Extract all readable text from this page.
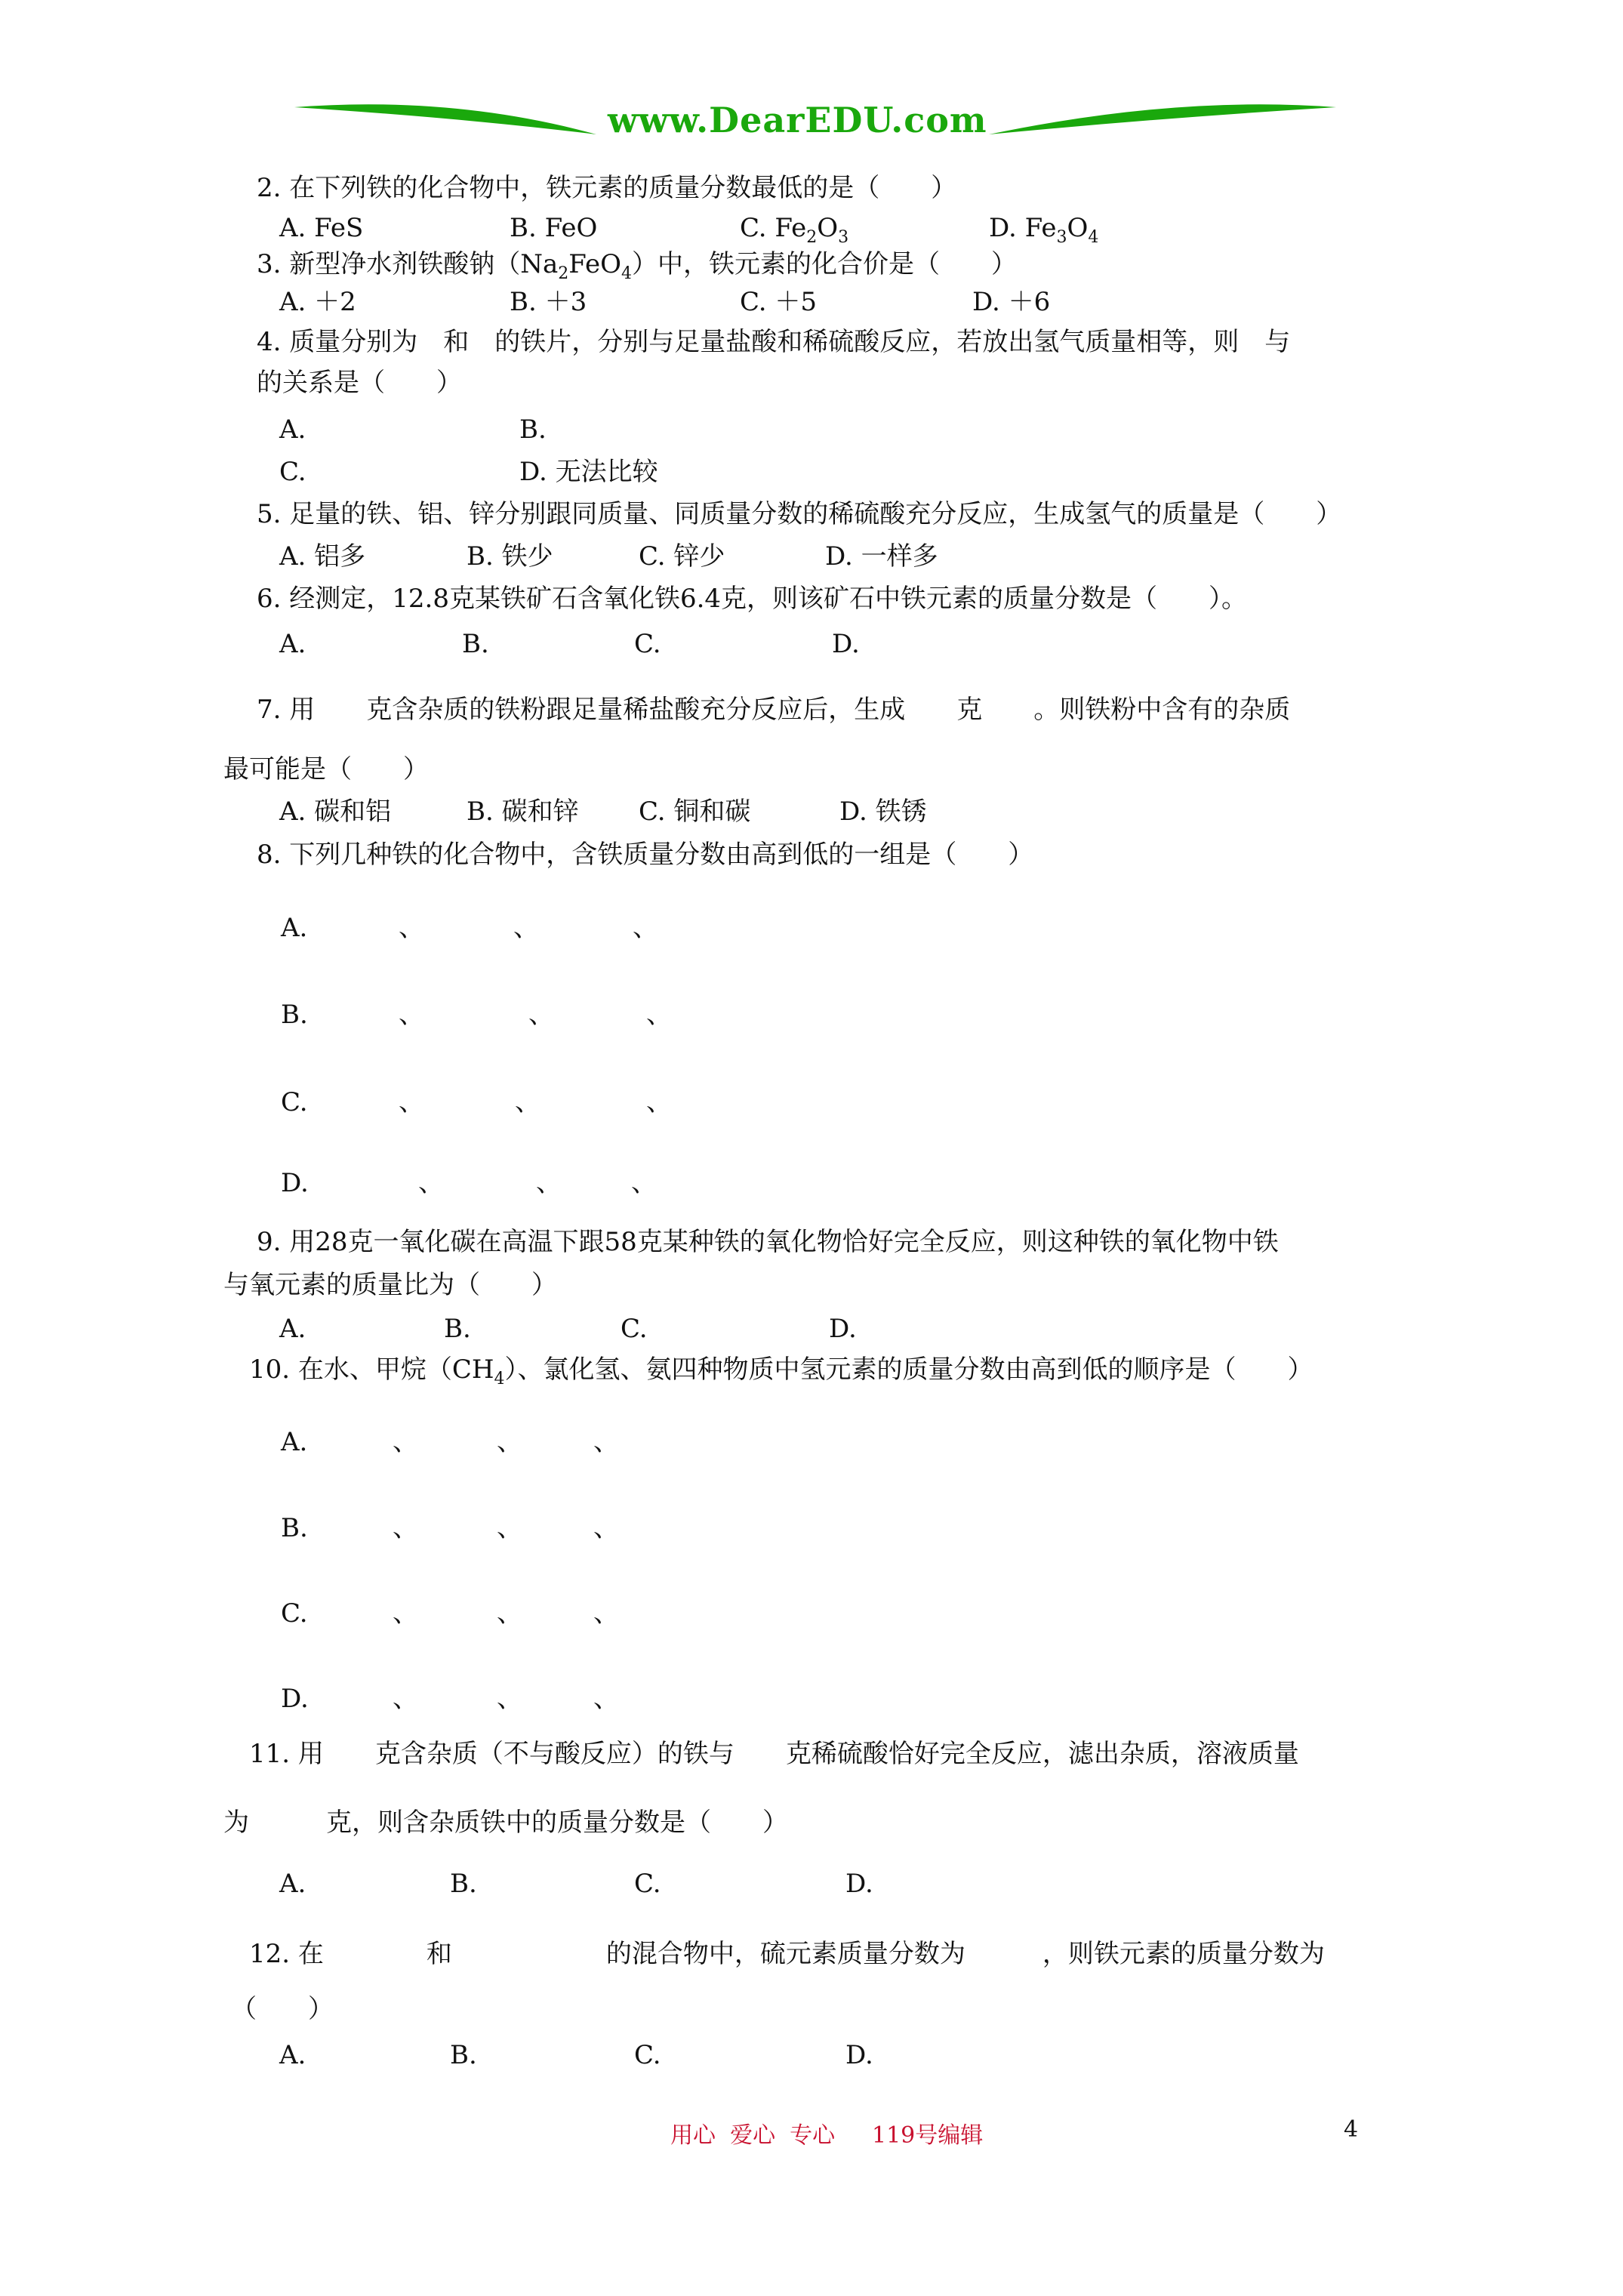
www.DearEDU.com
2. 在下列铁的化合物中，铁元素的质量分数最低的是（　　）
A. FeS	B. FeO	C. $Fe_2O_3$	D. $Fe_3O_4$
3. 新型净水剂铁酸钠$(Na_2FeO_4)$中，铁元素的化合价是（　　）
A. ＋2	B. ＋3	C. ＋5	D. ＋6
4. 质量分别为　和　的铁片，分别与足量盐酸和稀硫酸反应，若放出氢气质量相等，则　与
的关系是（　　）
A.	B.
C.	D. 无法比较
5. 足量的铁、铝、锌分别跟同质量、同质量分数的稀硫酸充分反应，生成氢气的质量是（　　）
A. 铝多	B. 铁少	C. 锌少	D. 一样多
6. 经测定，12.8克某铁矿石含氧化铁6.4克，则该矿石中铁元素的质量分数是（　　）。
A.	B.	C.	D.
7. 用　　克含杂质的铁粉跟足量稀盐酸充分反应后，生成　　克　　。则铁粉中含有的杂质
最可能是（　　）
A. 碳和铝	B. 碳和锌 C. 铜和碳	D. 铁锈
8. 下列几种铁的化合物中，含铁质量分数由高到低的一组是（　　）
A.	、	、	、
B.	、	、	、
C.	、	、	、
D.	、	、	、
9. 用28克一氧化碳在高温下跟58克某种铁的氧化物恰好完全反应，则这种铁的氧化物中铁
与氧元素的质量比为（　　）
A.	B.	C.	D.
10. 在水、甲烷$(CH_4)$、氯化氢、氨四种物质中氢元素的质量分数由高到低的顺序是（　　）
A.	、	、	、
B.	、	、	、
C.	、	、	、
D.	、	、	、
11. 用　　克含杂质（不与酸反应）的铁与　　克稀硫酸恰好完全反应，滤出杂质，溶液质量
为　　　克，则含杂质铁中的质量分数是（　　）
A.	B.	C.	D.
12. 在　　　　和　　　　　　的混合物中，硫元素质量分数为　　　，则铁元素的质量分数为
（　　）
A.	B.	C.	D.
用心  爱心  专心 119号编辑	4
